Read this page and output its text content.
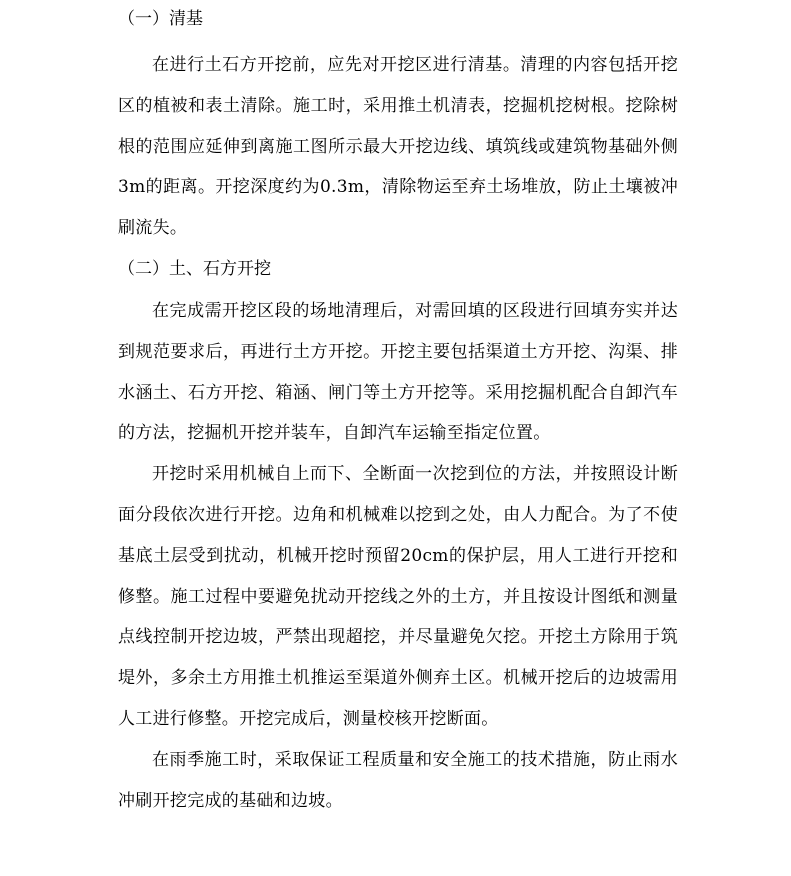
（一）清基

在进行土石方开挖前，应先对开挖区进行清基。清理的内容包括开挖区的植被和表土清除。施工时，采用推土机清表，挖掘机挖树根。挖除树根的范围应延伸到离施工图所示最大开挖边线、填筑线或建筑物基础外侧3m的距离。开挖深度约为0.3m，清除物运至弃土场堆放，防止土壤被冲刷流失。

（二）土、石方开挖

在完成需开挖区段的场地清理后，对需回填的区段进行回填夯实并达到规范要求后，再进行土方开挖。开挖主要包括渠道土方开挖、沟渠、排水涵土、石方开挖、箱涵、闸门等土方开挖等。采用挖掘机配合自卸汽车的方法，挖掘机开挖并装车，自卸汽车运输至指定位置。

开挖时采用机械自上而下、全断面一次挖到位的方法，并按照设计断面分段依次进行开挖。边角和机械难以挖到之处，由人力配合。为了不使基底土层受到扰动，机械开挖时预留20cm的保护层，用人工进行开挖和修整。施工过程中要避免扰动开挖线之外的土方，并且按设计图纸和测量点线控制开挖边坡，严禁出现超挖，并尽量避免欠挖。开挖土方除用于筑堤外，多余土方用推土机推运至渠道外侧弃土区。机械开挖后的边坡需用人工进行修整。开挖完成后，测量校核开挖断面。

在雨季施工时，采取保证工程质量和安全施工的技术措施，防止雨水冲刷开挖完成的基础和边坡。
